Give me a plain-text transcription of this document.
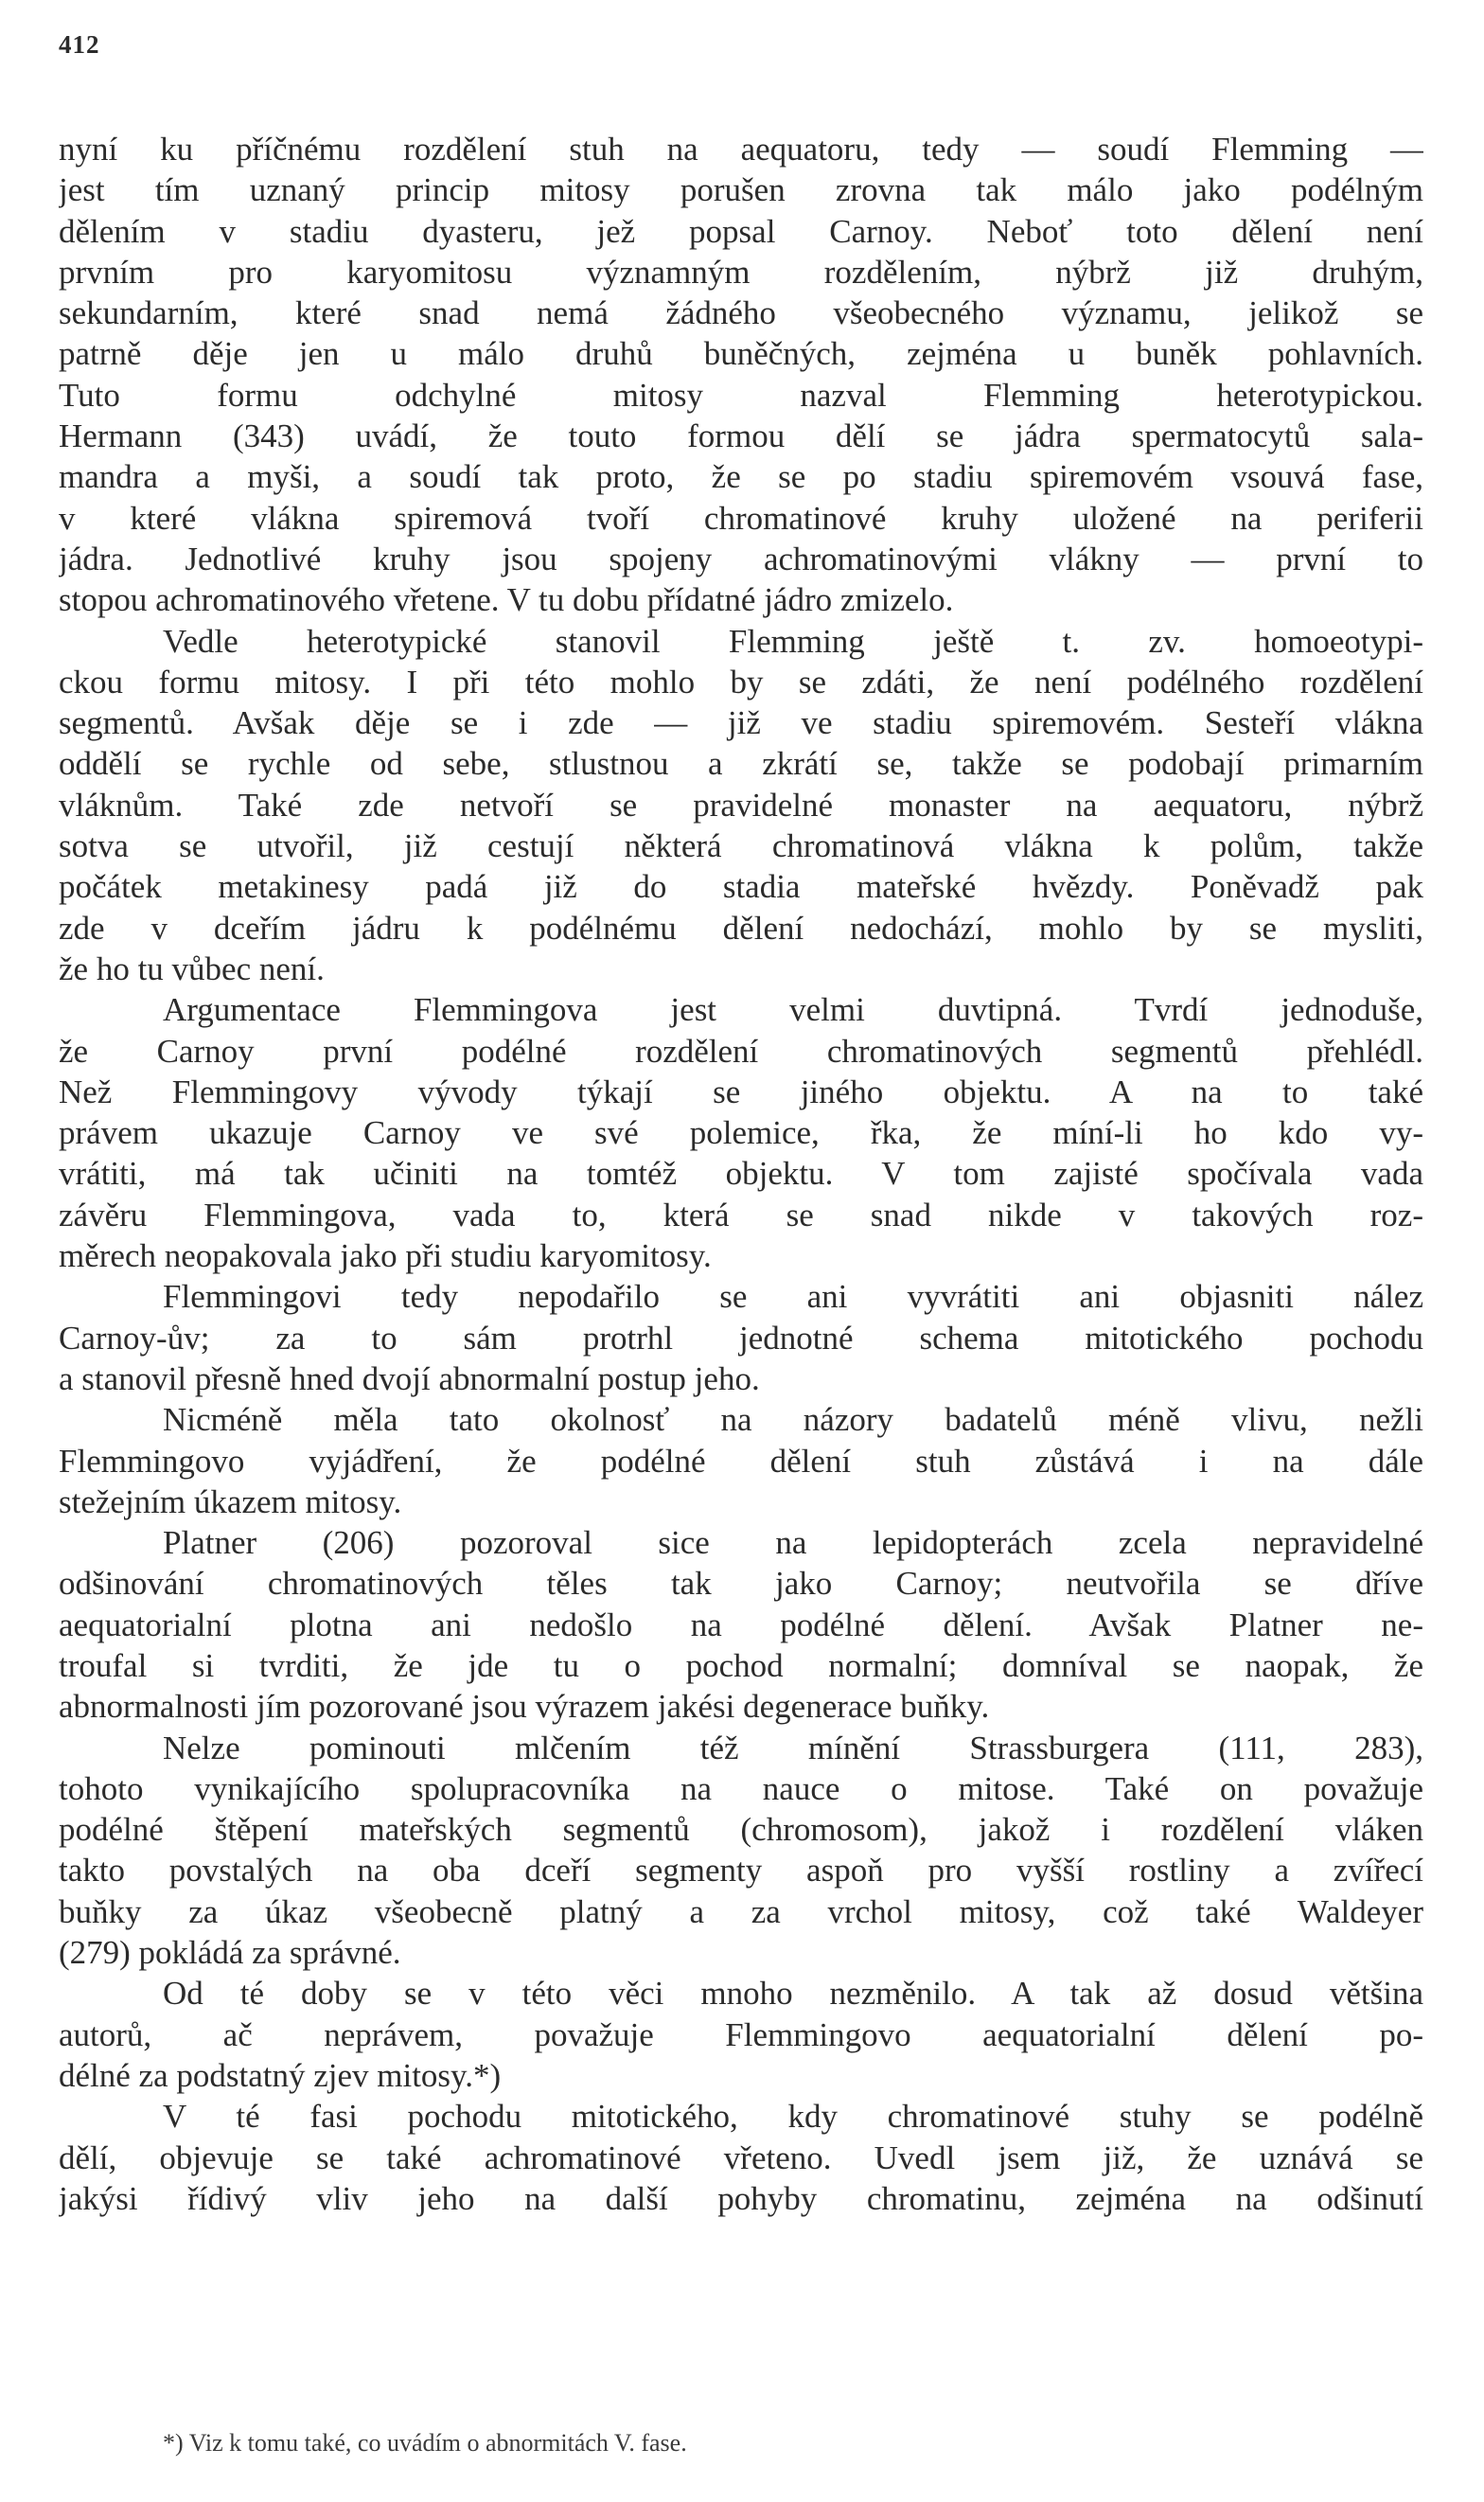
412
nyní ku příčnému rozdělení stuh na aequatoru, tedy — soudí Flemming —
jest tím uznaný princip mitosy porušen zrovna tak málo jako podélným
dělením v stadiu dyasteru, jež popsal Carnoy. Neboť toto dělení není
prvním pro karyomitosu významným rozdělením, nýbrž již druhým,
sekundarním, které snad nemá žádného všeobecného významu, jelikož se
patrně děje jen u málo druhů buněčných, zejména u buněk pohlavních.
Tuto formu odchylné mitosy nazval Flemming heterotypickou.
Hermann (343) uvádí, že touto formou dělí se jádra spermatocytů sala-
mandra a myši, a soudí tak proto, že se po stadiu spiremovém vsouvá fase,
v které vlákna spiremová tvoří chromatinové kruhy uložené na periferii
jádra. Jednotlivé kruhy jsou spojeny achromatinovými vlákny — první to
stopou achromatinového vřetene. V tu dobu přídatné jádro zmizelo.
Vedle heterotypické stanovil Flemming ještě t. zv. homoeotypi-
ckou formu mitosy. I při této mohlo by se zdáti, že není podélného rozdělení
segmentů. Avšak děje se i zde — již ve stadiu spiremovém. Sesteří vlákna
oddělí se rychle od sebe, stlustnou a zkrátí se, takže se podobají primarním
vláknům. Také zde netvoří se pravidelné monaster na aequatoru, nýbrž
sotva se utvořil, již cestují některá chromatinová vlákna k polům, takže
počátek metakinesy padá již do stadia mateřské hvězdy. Poněvadž pak
zde v dceřím jádru k podélnému dělení nedochází, mohlo by se mysliti,
že ho tu vůbec není.
Argumentace Flemmingova jest velmi duvtipná. Tvrdí jednoduše,
že Carnoy první podélné rozdělení chromatinových segmentů přehlédl.
Než Flemmingovy vývody týkají se jiného objektu. A na to také
právem ukazuje Carnoy ve své polemice, řka, že míní-li ho kdo vy-
vrátiti, má tak učiniti na tomtéž objektu. V tom zajisté spočívala vada
závěru Flemmingova, vada to, která se snad nikde v takových roz-
měrech neopakovala jako při studiu karyomitosy.
Flemmingovi tedy nepodařilo se ani vyvrátiti ani objasniti nález
Carnoy-ův; za to sám protrhl jednotné schema mitotického pochodu
a stanovil přesně hned dvojí abnormalní postup jeho.
Nicméně měla tato okolnosť na názory badatelů méně vlivu, nežli
Flemmingovo vyjádření, že podélné dělení stuh zůstává i na dále
stežejním úkazem mitosy.
Platner (206) pozoroval sice na lepidopterách zcela nepravidelné
odšinování chromatinových těles tak jako Carnoy; neutvořila se dříve
aequatorialní plotna ani nedošlo na podélné dělení. Avšak Platner ne-
troufal si tvrditi, že jde tu o pochod normalní; domníval se naopak, že
abnormalnosti jím pozorované jsou výrazem jakési degenerace buňky.
Nelze pominouti mlčením též mínění Strassburgera (111, 283),
tohoto vynikajícího spolupracovníka na nauce o mitose. Také on považuje
podélné štěpení mateřských segmentů (chromosom), jakož i rozdělení vláken
takto povstalých na oba dceří segmenty aspoň pro vyšší rostliny a zvířecí
buňky za úkaz všeobecně platný a za vrchol mitosy, což také Waldeyer
(279) pokládá za správné.
Od té doby se v této věci mnoho nezměnilo. A tak až dosud většina
autorů, ač neprávem, považuje Flemmingovo aequatorialní dělení po-
délné za podstatný zjev mitosy.*)
V té fasi pochodu mitotického, kdy chromatinové stuhy se podélně
dělí, objevuje se také achromatinové vřeteno. Uvedl jsem již, že uznává se
jakýsi řídivý vliv jeho na další pohyby chromatinu, zejména na odšinutí
*) Viz k tomu také, co uvádím o abnormitách V. fase.
